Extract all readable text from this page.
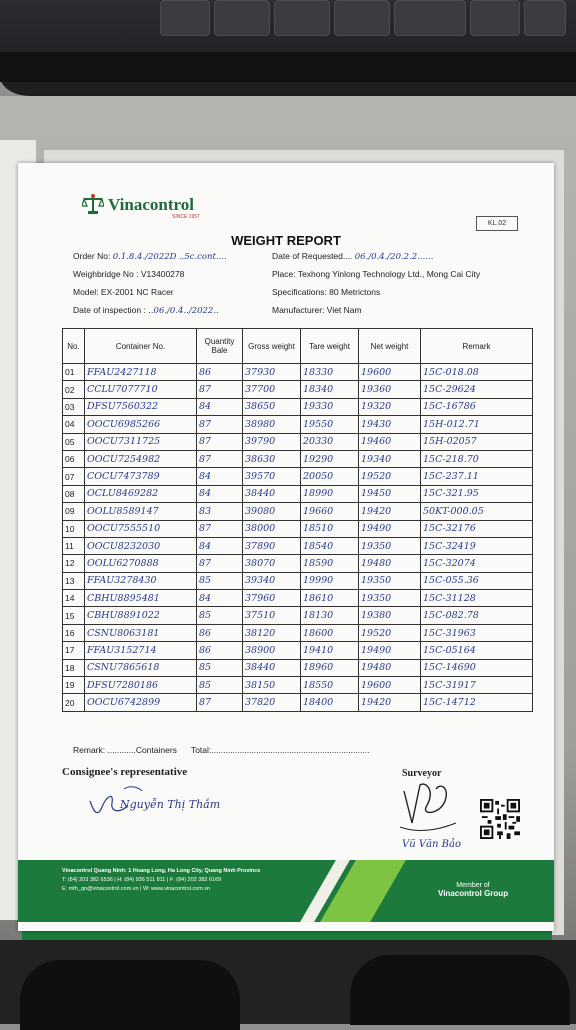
Vinacontrol
SINCE 1957
KL.02
WEIGHT REPORT
Order No: 0.1.8.4./2022D ..5c.cont....	Date of Requested.... 06./0.4./20.2.2......
Weighbridge No : V13400278	Place: Texhong Yinlong Technology Ltd., Mong Cai City
Model: EX-2001 NC Racer	Specifications: 80 Metrictons
Date of inspection : ..06./0.4../2022..	Manufacturer: Viet Nam
No.	Container No.	Quantity Bale	Gross weight	Tare weight	Net weight	Remark
01	FFAU2427118	86	37930	18330	19600	15C-018.08
02	CCLU7077710	87	37700	18340	19360	15C-29624
03	DFSU7560322	84	38650	19330	19320	15C-16786
04	OOCU6985266	87	38980	19550	19430	15H-012.71
05	OOCU7311725	87	39790	20330	19460	15H-02057
06	OOCU7254982	87	38630	19290	19340	15C-218.70
07	COCU7473789	84	39570	20050	19520	15C-237.11
08	OCLU8469282	84	38440	18990	19450	15C-321.95
09	OOLU8589147	83	39080	19660	19420	50KT-000.05
10	OOCU7555510	87	38000	18510	19490	15C-32176
11	OOCU8232030	84	37890	18540	19350	15C-32419
12	OOLU6270888	87	38070	18590	19480	15C-32074
13	FFAU3278430	85	39340	19990	19350	15C-055.36
14	CBHU8895481	84	37960	18610	19350	15C-31128
15	CBHU8891022	85	37510	18130	19380	15C-082.78
16	CSNU8063181	86	38120	18600	19520	15C-31963
17	FFAU3152714	86	38900	19410	19490	15C-05164
18	CSNU7865618	85	38440	18960	19480	15C-14690
19	DFSU7280186	85	38150	18550	19600	15C-31917
20	OOCU6742899	87	37820	18400	19420	15C-14712
Remark: ............Containers Total:...................................................................
Consignee's representative
Nguyễn Thị Thắm
Surveyor
Vũ Văn Bảo
Vinacontrol Quang Ninh: 1 Hoang Long, Ha Long City, Quang Ninh Province
T: (84) 203 382 6536 | H: (84) 936 511 811 | F: (84) 203 382 6169
E: mth_qn@vinacontrol.com.vn | W: www.vinacontrol.com.vn	Member of
Vinacontrol Group
